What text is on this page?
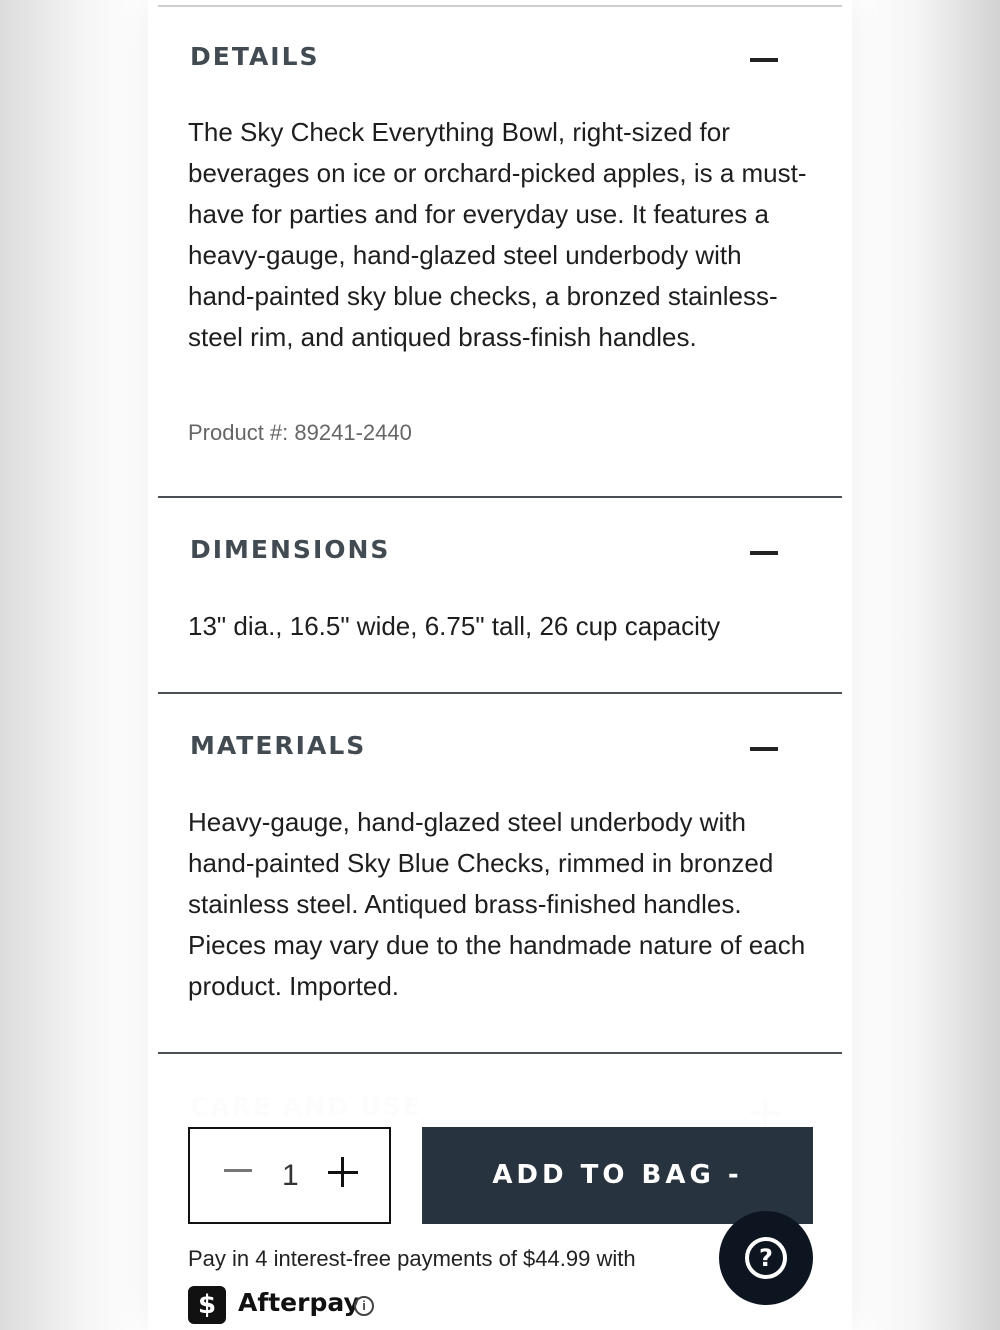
DETAILS
The Sky Check Everything Bowl, right-sized for beverages on ice or orchard-picked apples, is a must-have for parties and for everyday use. It features a heavy-gauge, hand-glazed steel underbody with hand-painted sky blue checks, a bronzed stainless-steel rim, and antiqued brass-finish handles.
Product #: 89241-2440
DIMENSIONS
13" dia., 16.5" wide, 6.75" tall, 26 cup capacity
MATERIALS
Heavy-gauge, hand-glazed steel underbody with hand-painted Sky Blue Checks, rimmed in bronzed stainless steel. Antiqued brass-finished handles. Pieces may vary due to the handmade nature of each product. Imported.
1	ADD TO BAG - $179.95
Pay in 4 interest-free payments of $44.99 with
$ Afterpay i
?
